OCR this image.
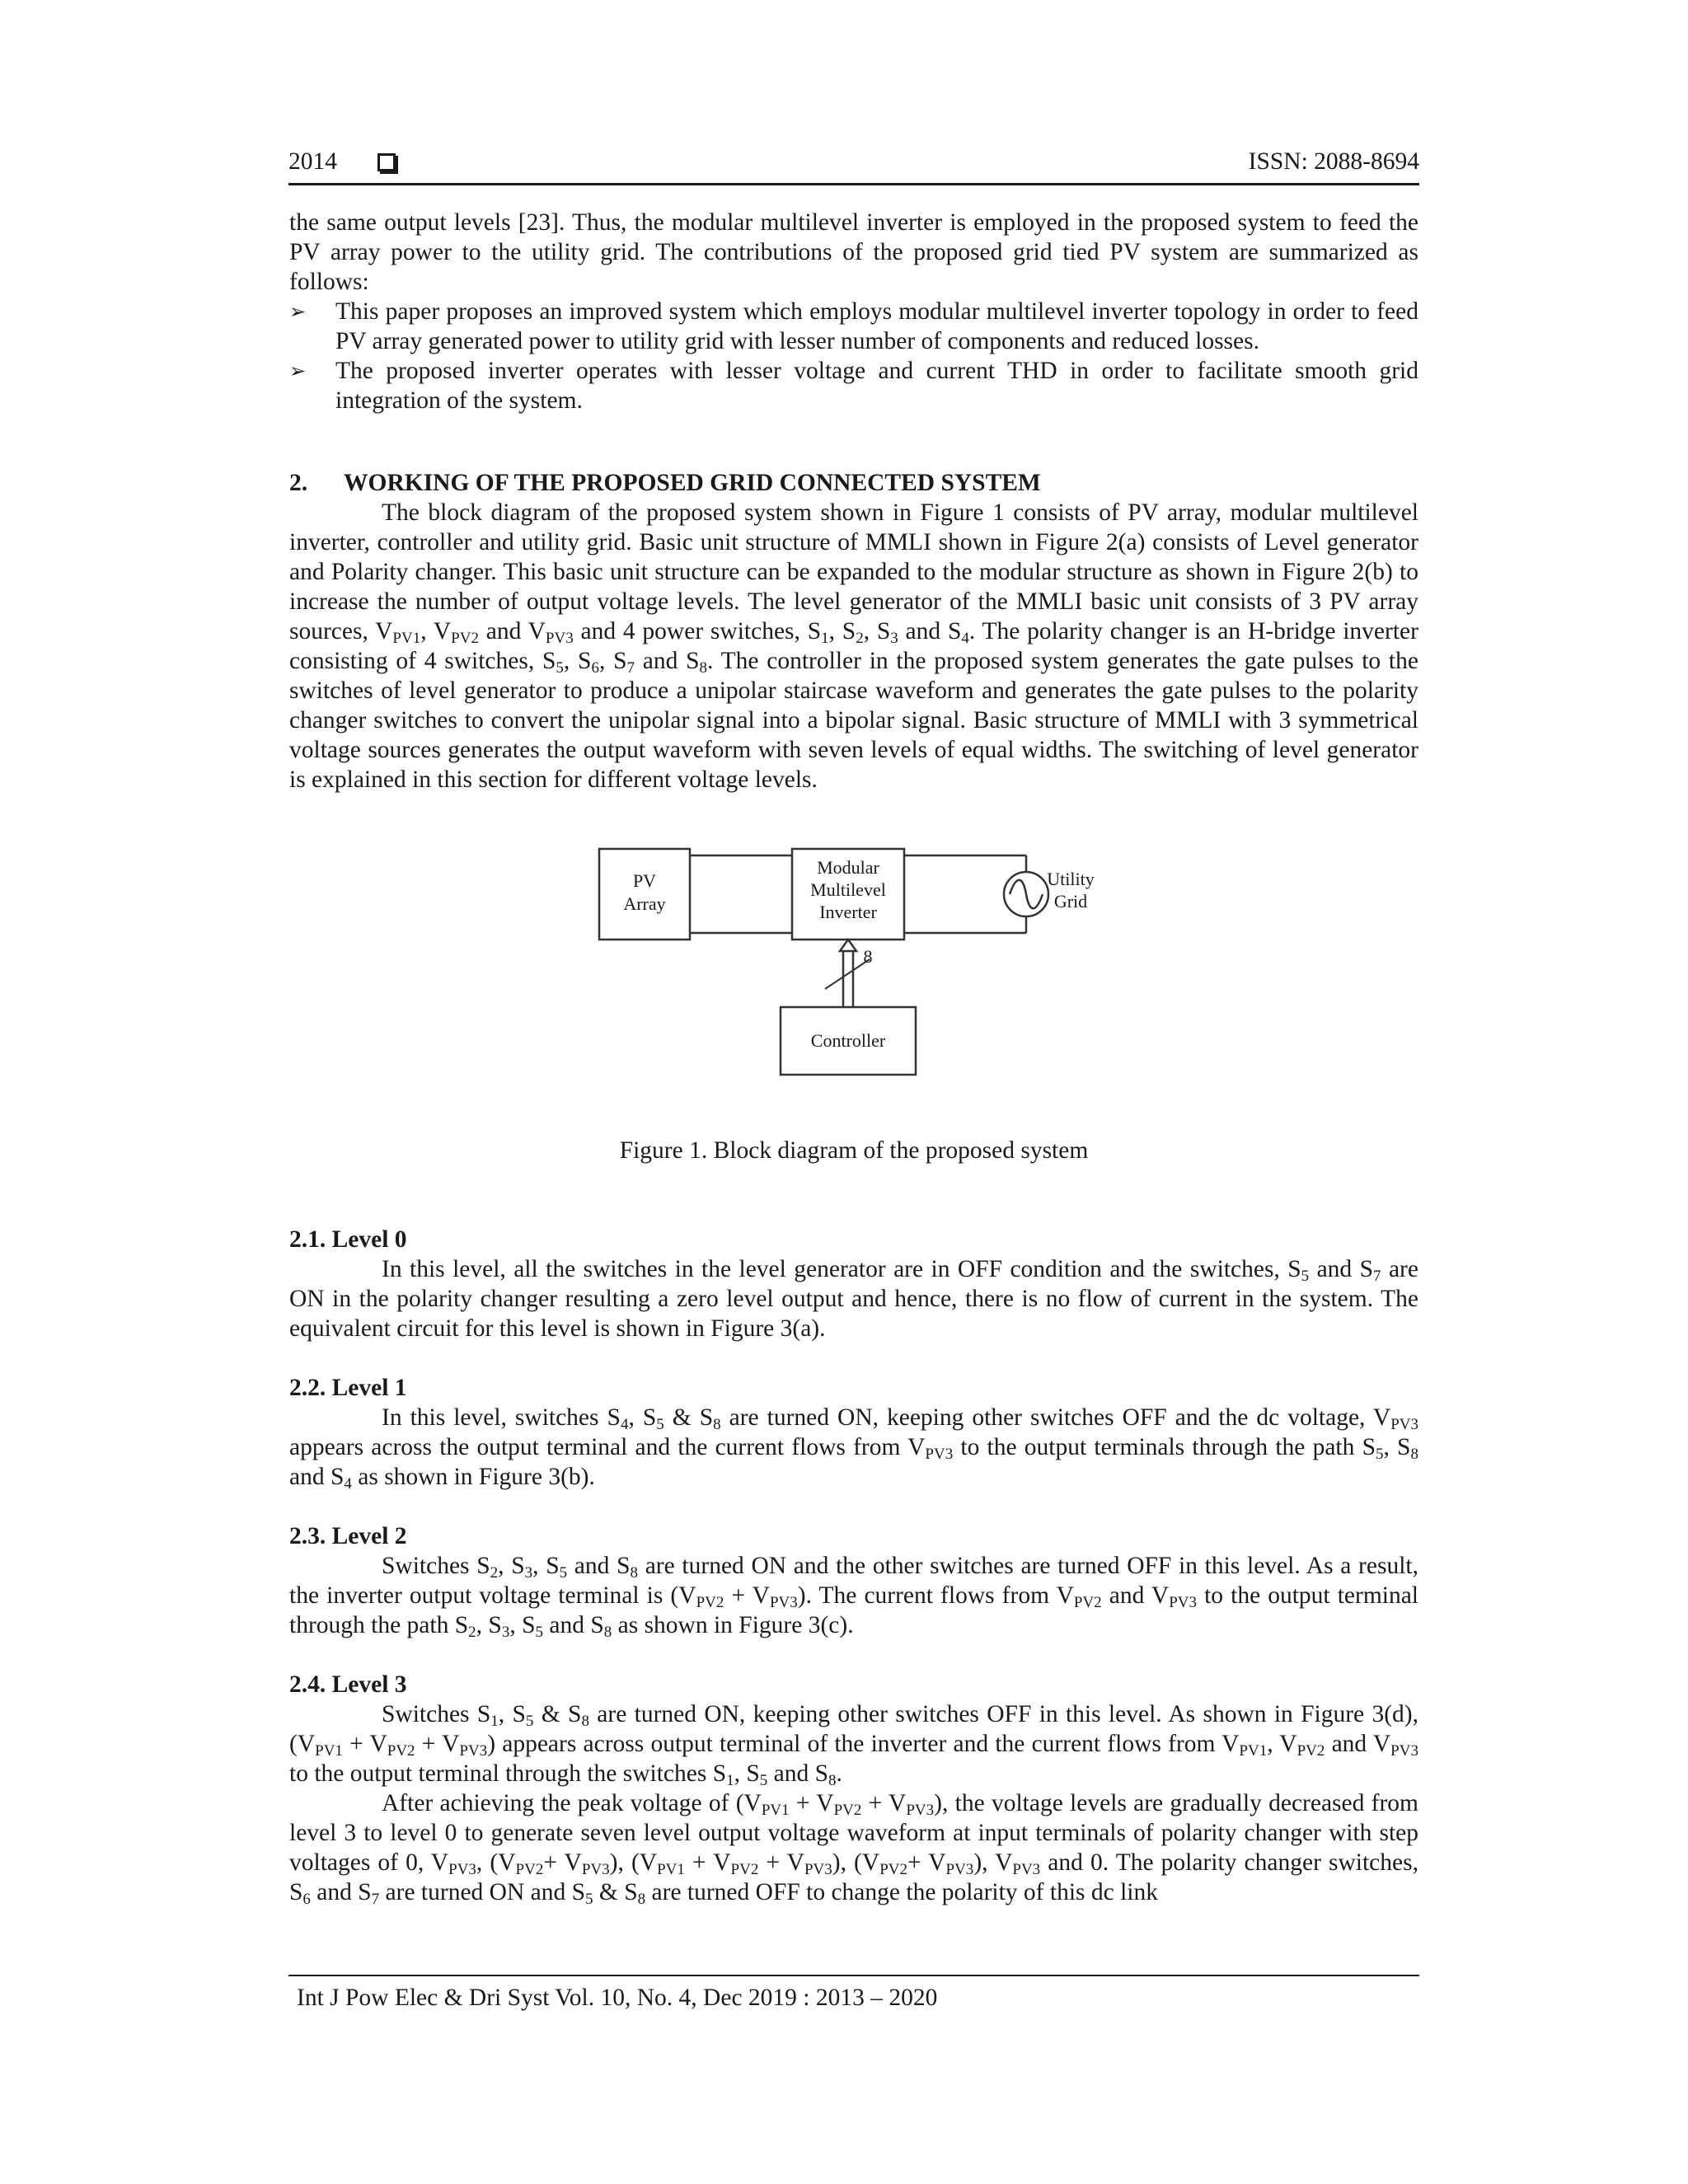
2014	ISSN: 2088-8694

the same output levels [23]. Thus, the modular multilevel inverter is employed in the proposed system to feed the PV array power to the utility grid. The contributions of the proposed grid tied PV system are summarized as follows:

➢ This paper proposes an improved system which employs modular multilevel inverter topology in order to feed PV array generated power to utility grid with lesser number of components and reduced losses.
➢ The proposed inverter operates with lesser voltage and current THD in order to facilitate smooth grid integration of the system.
2. WORKING OF THE PROPOSED GRID CONNECTED SYSTEM

The block diagram of the proposed system shown in Figure 1 consists of PV array, modular multilevel inverter, controller and utility grid. Basic unit structure of MMLI shown in Figure 2(a) consists of Level generator and Polarity changer. This basic unit structure can be expanded to the modular structure as shown in Figure 2(b) to increase the number of output voltage levels. The level generator of the MMLI basic unit consists of 3 PV array sources, $V_{PV1}$, $V_{PV2}$ and $V_{PV3}$ and 4 power switches, $S_1$, $S_2$, $S_3$ and $S_4$. The polarity changer is an H-bridge inverter consisting of 4 switches, $S_5$, $S_6$, $S_7$ and $S_8$. The controller in the proposed system generates the gate pulses to the switches of level generator to produce a unipolar staircase waveform and generates the gate pulses to the polarity changer switches to convert the unipolar signal into a bipolar signal. Basic structure of MMLI with 3 symmetrical voltage sources generates the output waveform with seven levels of equal widths. The switching of level generator is explained in this section for different voltage levels.

PV
Array
Modular
Multilevel
Inverter
Controller
Utility
Grid
8

Figure 1. Block diagram of the proposed system

2.1. Level 0

In this level, all the switches in the level generator are in OFF condition and the switches, $S_5$ and $S_7$ are ON in the polarity changer resulting a zero level output and hence, there is no flow of current in the system. The equivalent circuit for this level is shown in Figure 3(a).

2.2. Level 1

In this level, switches $S_4$, $S_5$ & $S_8$ are turned ON, keeping other switches OFF and the dc voltage, $V_{PV3}$ appears across the output terminal and the current flows from $V_{PV3}$ to the output terminals through the path $S_5$, $S_8$ and $S_4$ as shown in Figure 3(b).

2.3. Level 2

Switches $S_2$, $S_3$, $S_5$ and $S_8$ are turned ON and the other switches are turned OFF in this level. As a result, the inverter output voltage terminal is $(V_{PV2} + V_{PV3})$. The current flows from $V_{PV2}$ and $V_{PV3}$ to the output terminal through the path $S_2$, $S_3$, $S_5$ and $S_8$ as shown in Figure 3(c).

2.4. Level 3

Switches $S_1$, $S_5$ & $S_8$ are turned ON, keeping other switches OFF in this level. As shown in Figure 3(d), $(V_{PV1} + V_{PV2} + V_{PV3})$ appears across output terminal of the inverter and the current flows from $V_{PV1}$, $V_{PV2}$ and $V_{PV3}$ to the output terminal through the switches $S_1$, $S_5$ and $S_8$.

After achieving the peak voltage of $(V_{PV1} + V_{PV2} + V_{PV3})$, the voltage levels are gradually decreased from level 3 to level 0 to generate seven level output voltage waveform at input terminals of polarity changer with step voltages of 0, $V_{PV3}$, $(V_{PV2}+ V_{PV3})$, $(V_{PV1} + V_{PV2} + V_{PV3})$, $(V_{PV2}+ V_{PV3})$, $V_{PV3}$ and 0. The polarity changer switches, $S_6$ and $S_7$ are turned ON and $S_5$ & $S_8$ are turned OFF to change the polarity of this dc link

Int J Pow Elec & Dri Syst Vol. 10, No. 4, Dec 2019 : 2013 – 2020
